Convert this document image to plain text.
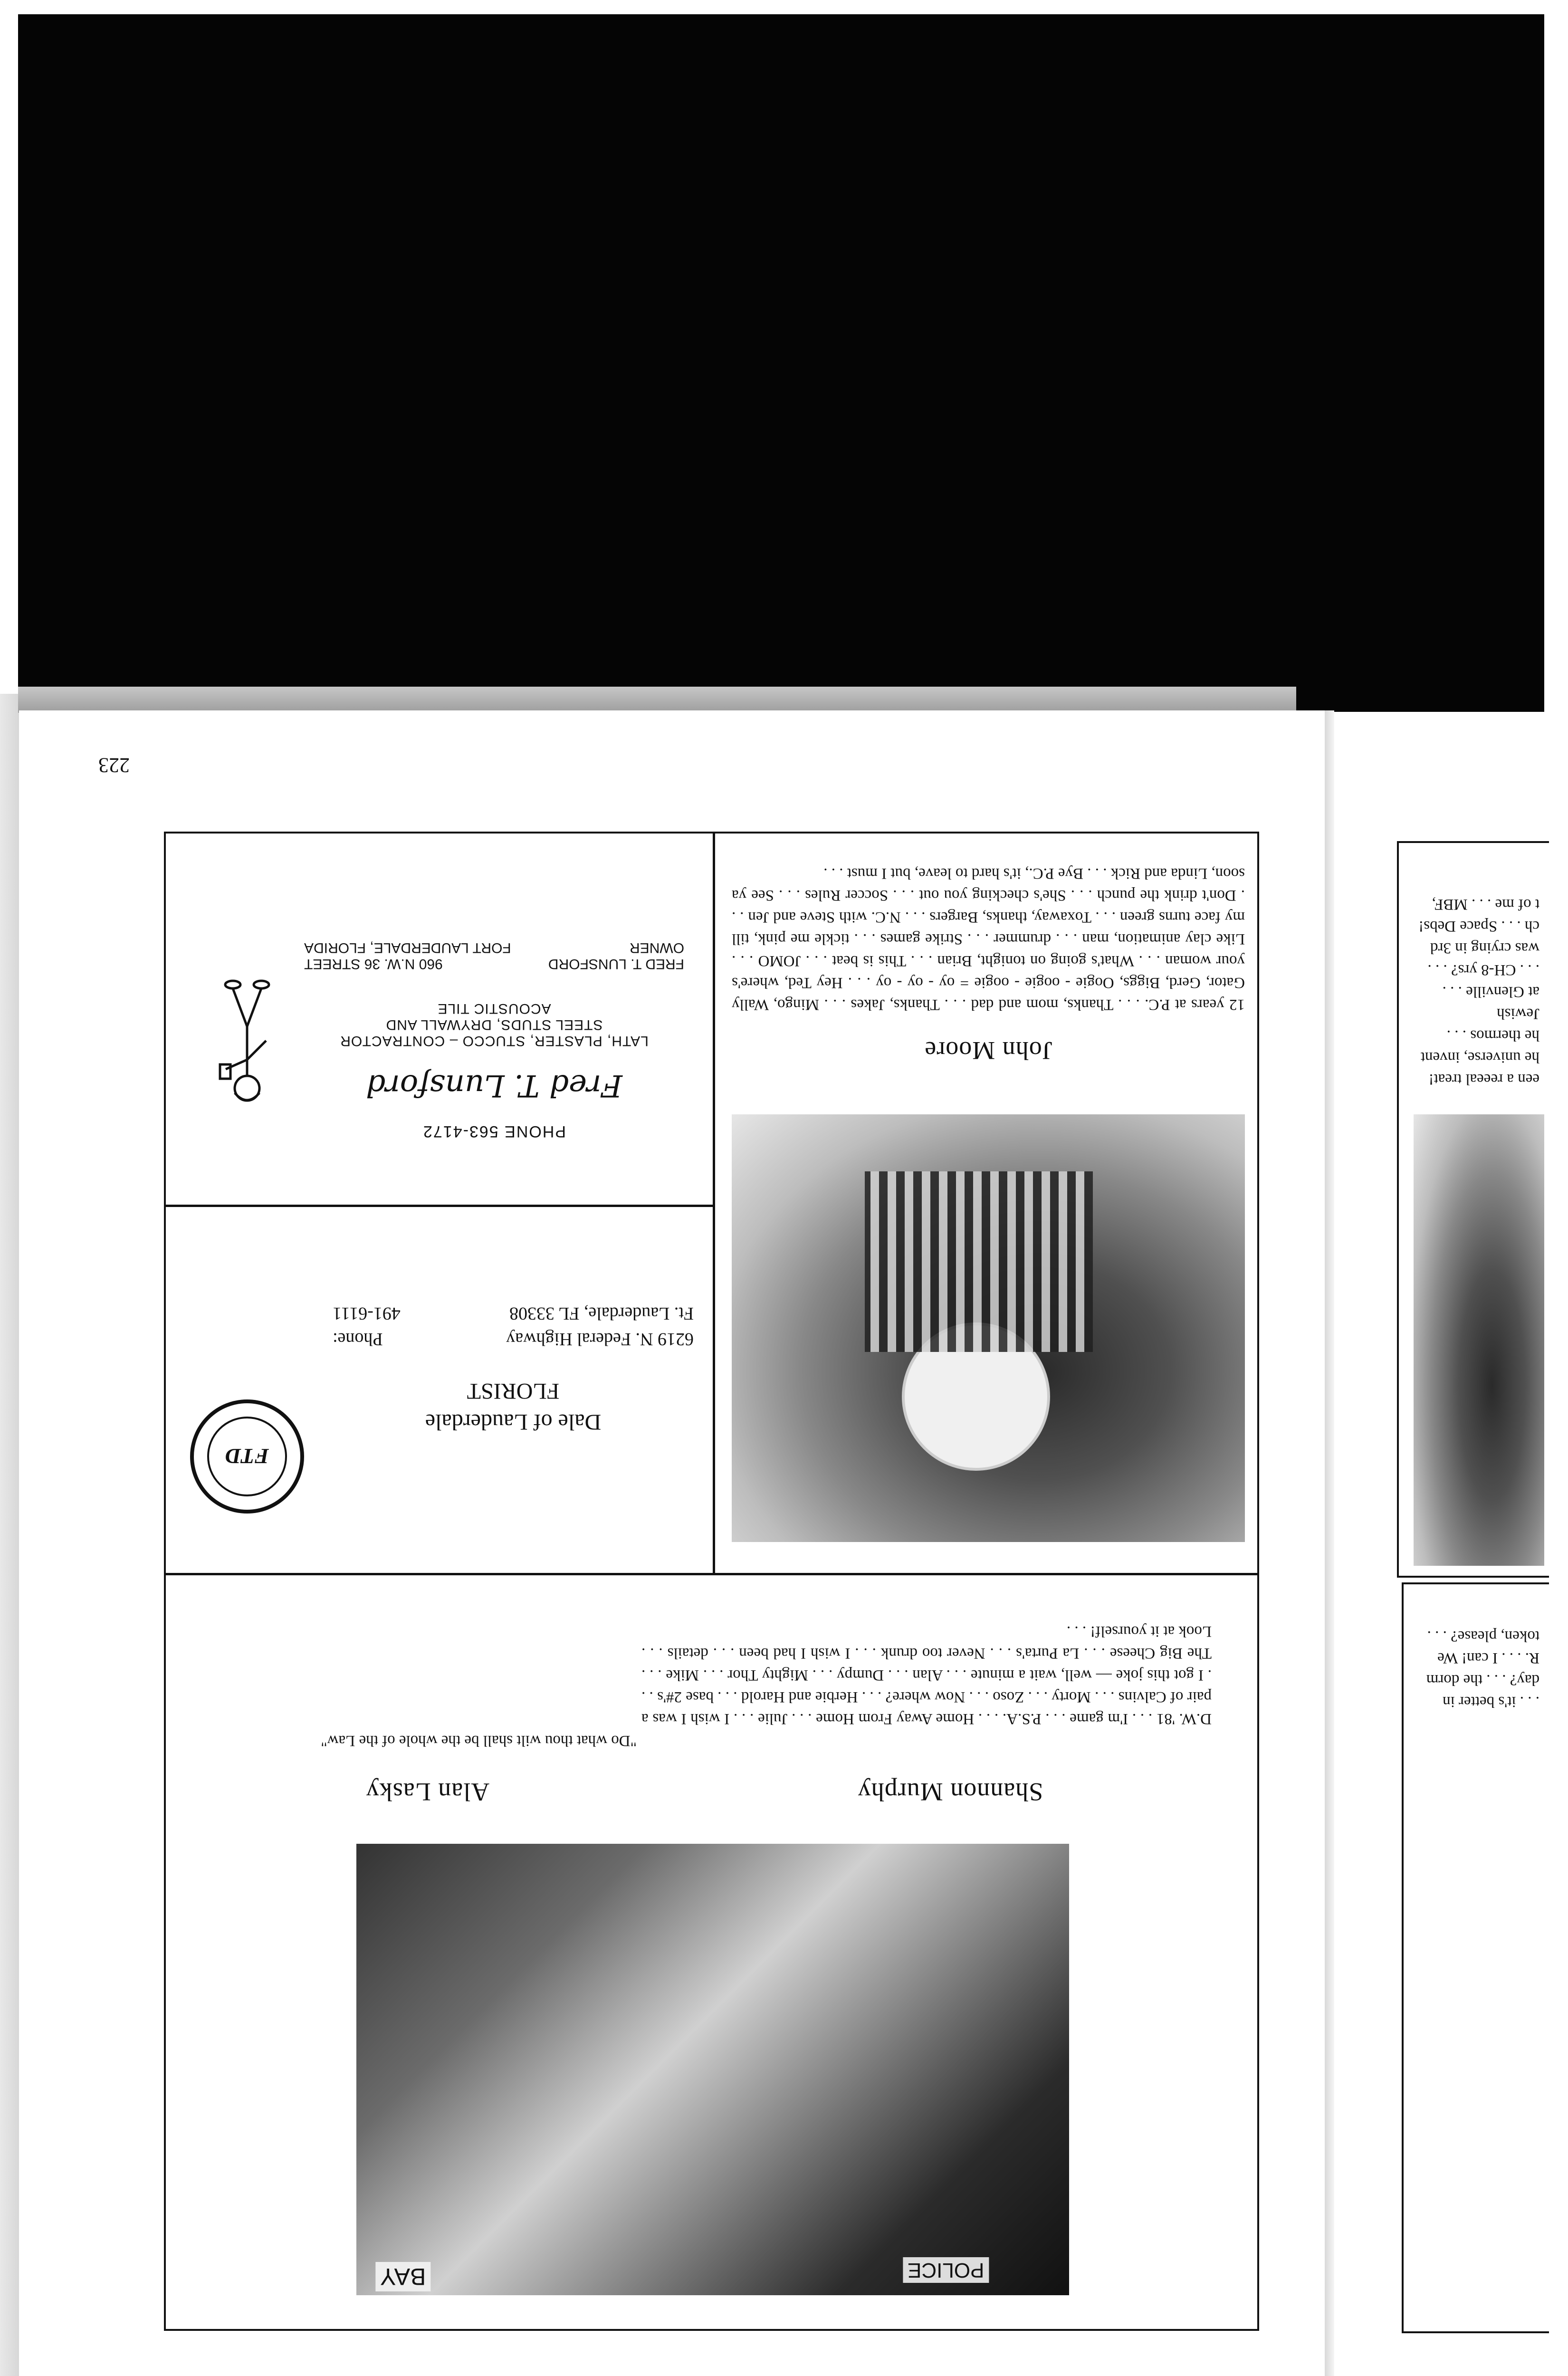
223
John Moore
12 years at P.C. . . . Thanks, mom and dad . . . Thanks, Jakes . . . Mingo, Wally Gator, Gerd, Biggs, Oogie - oogie - oogie = oy - oy - oy . . . Hey Ted, where's your woman . . . What's going on tonight, Brian . . . This is beat . . . JOMO . . . Like clay animation, man . . . drummer . . . Strike games . . . tickle me pink, till my face turns green . . . Toxaway, thanks, Bargers . . . N.C. with Steve and Jen . . . Don't drink the punch . . . She's checking you out . . . Soccer Rules . . . See ya soon, Linda and Rick . . . Bye P.C., it's hard to leave, but I must . . .
FTD
Dale of Lauderdale
FLORIST
6219 N. Federal Highway
Phone:
Ft. Lauderdale, FL 33308
491-6111
PHONE 563-4172
Fred T. Lunsford
LATH, PLASTER, STUCCO – CONTRACTOR
STEEL STUDS, DRYWALL AND
ACOUSTIC TILE
FRED T. LUNSFORD
960 N.W. 36 STREET
OWNER
FORT LAUDERDALE, FLORIDA
BAY	POLICE
Shannon Murphy
D.W. '81 . . . I'm game . . . P.S.A. . . . Home Away From Home . . . Julie . . . I wish I was a pair of Calvins . . . Morty . . . Zoso . . . Now where? . . . Herbie and Harold . . . base 2#'s . . . I got this joke — well, wait a minute . . . Alan . . . Dumpy . . . Mighty Thor . . . Mike . . . The Big Cheese . . . La Purta's . . . Never too drunk . . . I wish I had been . . . details . . . Look at it yourself! . . .
Alan Lasky
"Do what thou wilt shall be the whole of the Law"
een a reeeal treat!
he universe, invent
he thermos . . . Jewish
at Glenville . . .
. . . CH-8 yrs? . . .
was crying in 3rd
ch . . . Space Debs!
t of me . . . MBF,
. . . it's better in
day? . . . the dorm
R. . . . I can! We
token, please? . . .
